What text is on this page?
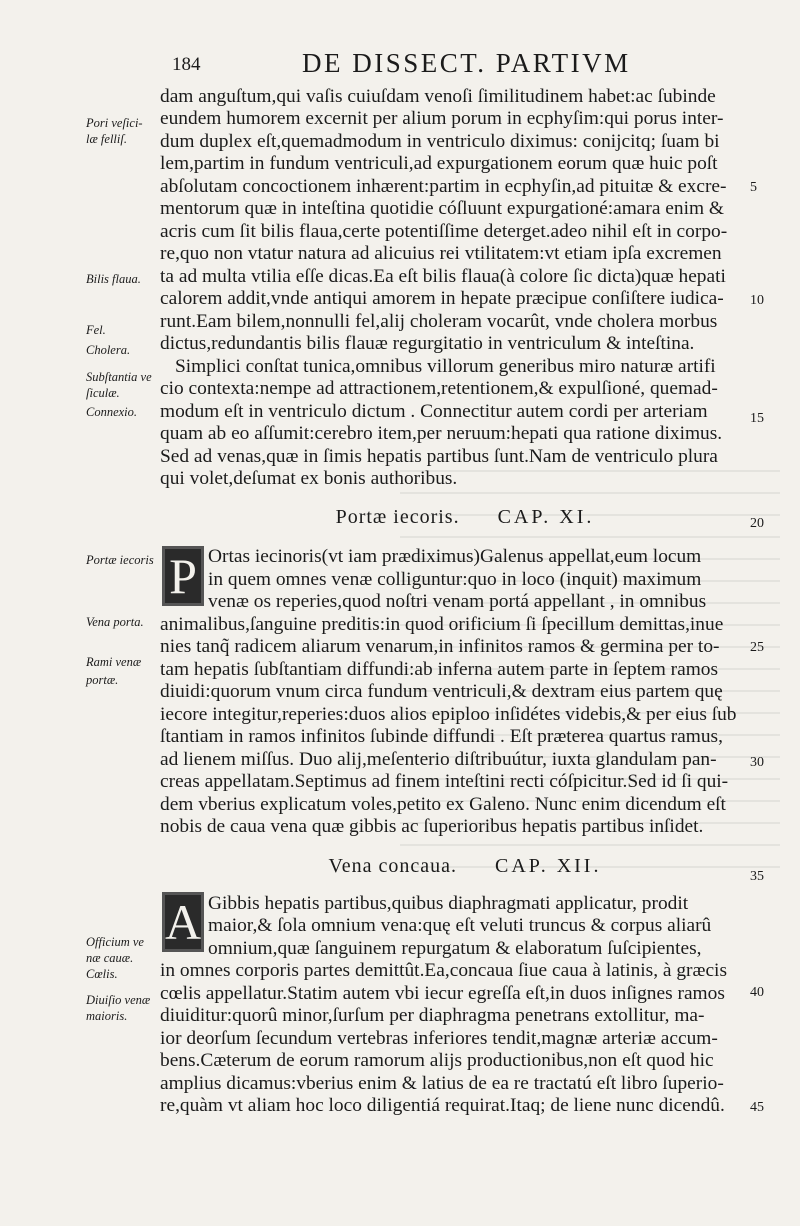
184	DE DISSECT. PARTIVM
dam anguſtum,qui vaſis cuiuſdam venoſi ſimilitudinem habet:ac ſubinde
eundem humorem excernit per alium porum in ecphyſim:qui porus inter-
dum duplex eſt,quemadmodum in ventriculo diximus: conijcitq; ſuam bi
lem,partim in fundum ventriculi,ad expurgationem eorum quæ huic poſt
abſolutam concoctionem inhærent:partim in ecphyſin,ad pituitæ & excre-
mentorum quæ in inteſtina quotidie cóſluunt expurgationé:amara enim &
acris cum ſit bilis flaua,certe potentiſſime deterget.adeo nihil eſt in corpo-
re,quo non vtatur natura ad alicuius rei vtilitatem:vt etiam ipſa excremen
ta ad multa vtilia eſſe dicas.Ea eſt bilis flaua(à colore ſic dicta)quæ hepati
calorem addit,vnde antiqui amorem in hepate præcipue conſiſtere iudica-
runt.Eam bilem,nonnulli fel,alij choleram vocarût, vnde cholera morbus
dictus,redundantis bilis flauæ regurgitatio in ventriculum & inteſtina.
Simplici conſtat tunica,omnibus villorum generibus miro naturæ artifi
cio contexta:nempe ad attractionem,retentionem,& expulſioné, quemad-
modum eſt in ventriculo dictum . Connectitur autem cordi per arteriam
quam ab eo aſſumit:cerebro item,per neruum:hepati qua ratione diximus.
Sed ad venas,quæ in ſimis hepatis partibus ſunt.Nam de ventriculo plura
qui volet,deſumat ex bonis authoribus.
Portæ iecoris. CAP. XI.
P Ortas iecinoris(vt iam prædiximus)Galenus appellat,eum locum
in quem omnes venæ colliguntur:quo in loco (inquit) maximum
venæ os reperies,quod noſtri venam portá appellant , in omnibus
animalibus,ſanguine preditis:in quod orificium ſi ſpecillum demittas,inue
nies tanq̃ radicem aliarum venarum,in infinitos ramos & germina per to-
tam hepatis ſubſtantiam diffundi:ab inferna autem parte in ſeptem ramos
diuidi:quorum vnum circa fundum ventriculi,& dextram eius partem quę
iecore integitur,reperies:duos alios epiploo inſidétes videbis,& per eius ſub
ſtantiam in ramos infinitos ſubinde diffundi . Eſt præterea quartus ramus,
ad lienem miſſus. Duo alij,meſenterio diſtribuútur, iuxta glandulam pan-
creas appellatam.Septimus ad finem inteſtini recti cóſpicitur.Sed id ſi qui-
dem vberius explicatum voles,petito ex Galeno. Nunc enim dicendum eſt
nobis de caua vena quæ gibbis ac ſuperioribus hepatis partibus inſidet.
Vena concaua. CAP. XII.
A Gibbis hepatis partibus,quibus diaphragmati applicatur, prodit
maior,& ſola omnium vena:quę eſt veluti truncus & corpus aliarû
omnium,quæ ſanguinem repurgatum & elaboratum ſuſcipientes,
in omnes corporis partes demittût.Ea,concaua ſiue caua à latinis, à græcis
cœlis appellatur.Statim autem vbi iecur egreſſa eſt,in duos inſignes ramos
diuiditur:quorû minor,ſurſum per diaphragma penetrans extollitur, ma-
ior deorſum ſecundum vertebras inferiores tendit,magnæ arteriæ accum-
bens.Cæterum de eorum ramorum alijs productionibus,non eſt quod hic
amplius dicamus:vberius enim & latius de ea re tractatú eſt libro ſuperio-
re,quàm vt aliam hoc loco diligentiá requirat.Itaq; de liene nunc dicendû.
Pori veſici-
læ felliſ.
Bilis flaua.
Fel.
Cholera.
Subſtantia ve
ſiculæ.
Connexio.
Portæ iecoris
Vena porta.
Rami venæ
portæ.
Officium ve
næ cauæ.
Cœlis.
Diuiſio venæ
maioris.
5
10
15
20
25
30
35
40
45
